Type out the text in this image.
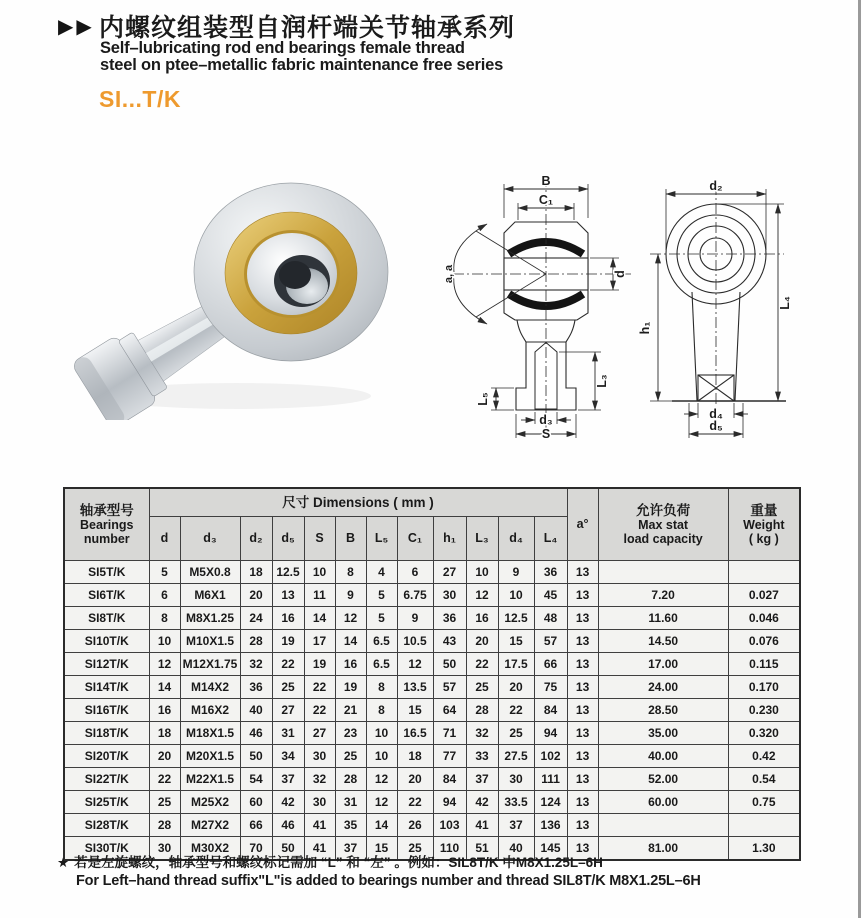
▶▶ 内螺纹组装型自润杆端关节轴承系列
Self–lubricating rod end bearings female thread
steel on ptee–metallic fabric maintenance free series
SI...T/K
B
C₁
d
a, a
L₃
L₅
d₃
S
d₂
h₁
L₄
d₄
d₅
轴承型号
Bearings
number
	尺寸 Dimensions ( mm )	a°	
允许负荷
Max stat
load capacity

重量
Weight
( kg )

	d	d₃	d₂	d₅	S	B	L₅	C₁	h₁	L₃	d₄	L₄			
SI5T/K	5	M5X0.8	18	12.5	10	8	4	6	27	10	9	36	13		
SI6T/K	6	M6X1	20	13	11	9	5	6.75	30	12	10	45	13	7.20	0.027
SI8T/K	8	M8X1.25	24	16	14	12	5	9	36	16	12.5	48	13	11.60	0.046
SI10T/K	10	M10X1.5	28	19	17	14	6.5	10.5	43	20	15	57	13	14.50	0.076
SI12T/K	12	M12X1.75	32	22	19	16	6.5	12	50	22	17.5	66	13	17.00	0.115
SI14T/K	14	M14X2	36	25	22	19	8	13.5	57	25	20	75	13	24.00	0.170
SI16T/K	16	M16X2	40	27	22	21	8	15	64	28	22	84	13	28.50	0.230
SI18T/K	18	M18X1.5	46	31	27	23	10	16.5	71	32	25	94	13	35.00	0.320
SI20T/K	20	M20X1.5	50	34	30	25	10	18	77	33	27.5	102	13	40.00	0.42
SI22T/K	22	M22X1.5	54	37	32	28	12	20	84	37	30	111	13	52.00	0.54
SI25T/K	25	M25X2	60	42	30	31	12	22	94	42	33.5	124	13	60.00	0.75
SI28T/K	28	M27X2	66	46	41	35	14	26	103	41	37	136	13		
SI30T/K	30	M30X2	70	50	41	37	15	25	110	51	40	145	13	81.00	1.30
★ 若是左旋螺纹，轴承型号和螺纹标记需加 “L” 和 “左” 。例如：SIL8T/K 中M8X1.25L–6H
For Left–hand thread suffix"L"is added to bearings number and thread SIL8T/K M8X1.25L–6H
